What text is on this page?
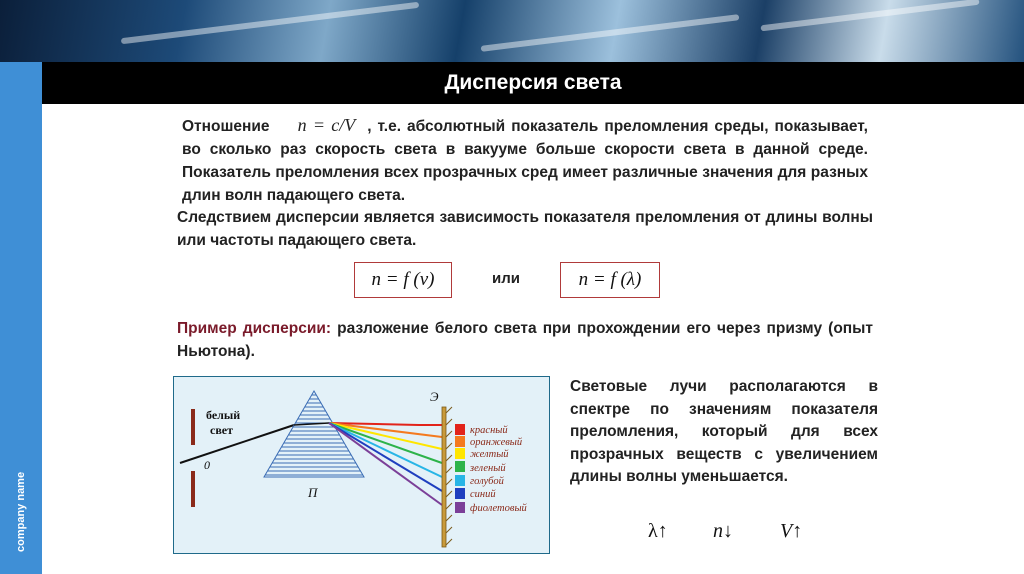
company name
Дисперсия света
Отношение n = c/V , т.е. абсолютный показатель преломления среды, показывает, во сколько раз скорость света в вакууме больше скорости света в данной среде. Показатель преломления всех прозрачных сред имеет различные значения для разных длин волн падающего света.
Следствием дисперсии является зависимость показателя преломления от длины волны или частоты падающего света.
n = f (ν)	или	n = f (λ)
Пример дисперсии: разложение белого света при прохождении его через призму (опыт Ньютона).
белый
свет
0
П
Э
красный
оранжевый
желтый
зеленый
голубой
синий
фиолетовый
Световые лучи располагаются в спектре по значениям показателя преломления, который для всех прозрачных веществ с увеличением длины волны уменьшается.
λ↑ n↓ V↑
